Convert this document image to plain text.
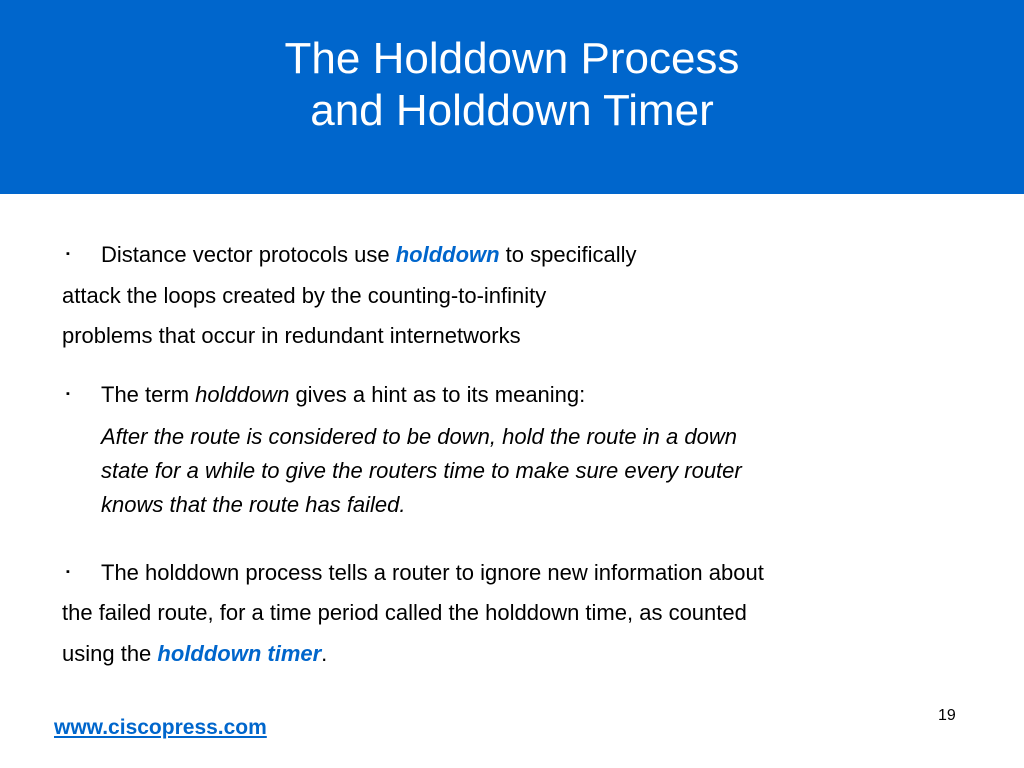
The Holddown Process
and Holddown Timer
▪ Distance vector protocols use holddown to specifically
attack the loops created by the counting-to-infinity
problems that occur in redundant internetworks
▪ The term holddown gives a hint as to its meaning:
After the route is considered to be down, hold the route in a down
state for a while to give the routers time to make sure every router
knows that the route has failed.
▪ The holddown process tells a router to ignore new information about
the failed route, for a time period called the holddown time, as counted
using the holddown timer.
19
www.ciscopress.com
